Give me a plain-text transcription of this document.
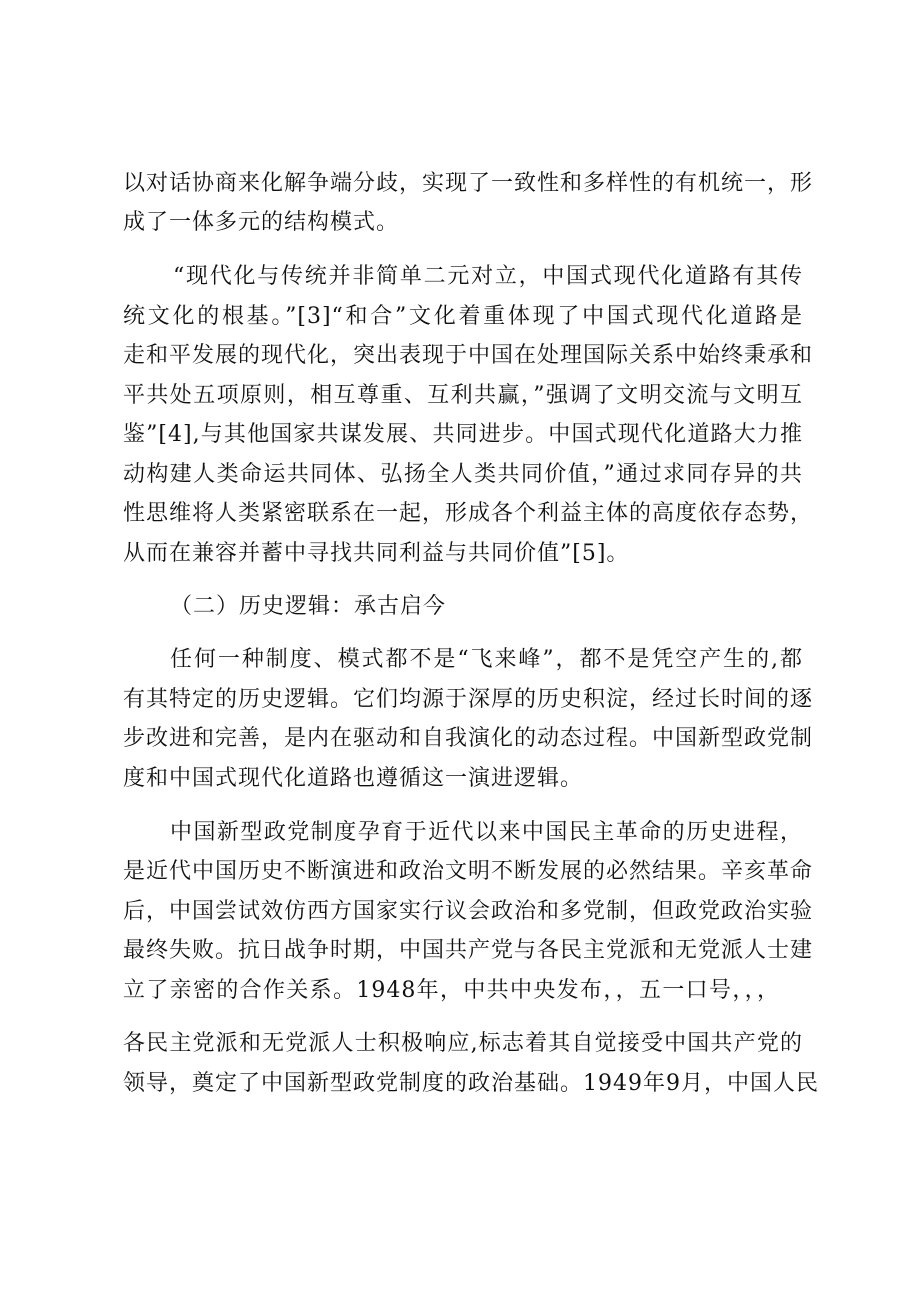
以对话协商来化解争端分歧，实现了一致性和多样性的有机统一，形
成了一体多元的结构模式。
“现代化与传统并非简单二元对立，中国式现代化道路有其传
统文化的根基。”[3]“和合”文化着重体现了中国式现代化道路是
走和平发展的现代化，突出表现于中国在处理国际关系中始终秉承和
平共处五项原则，相互尊重、互利共赢，”强调了文明交流与文明互
鉴”[4],与其他国家共谋发展、共同进步。中国式现代化道路大力推
动构建人类命运共同体、弘扬全人类共同价值，”通过求同存异的共
性思维将人类紧密联系在一起，形成各个利益主体的高度依存态势，
从而在兼容并蓄中寻找共同利益与共同价值”[5]。
（二）历史逻辑：承古启今
任何一种制度、模式都不是“飞来峰”，都不是凭空产生的,都
有其特定的历史逻辑。它们均源于深厚的历史积淀，经过长时间的逐
步改进和完善，是内在驱动和自我演化的动态过程。中国新型政党制
度和中国式现代化道路也遵循这一演进逻辑。
中国新型政党制度孕育于近代以来中国民主革命的历史进程，
是近代中国历史不断演进和政治文明不断发展的必然结果。辛亥革命
后，中国尝试效仿西方国家实行议会政治和多党制，但政党政治实验
最终失败。抗日战争时期，中国共产党与各民主党派和无党派人士建
立了亲密的合作关系。1948年，中共中央发布，，五一口号，，，
各民主党派和无党派人士积极响应,标志着其自觉接受中国共产党的
领导，奠定了中国新型政党制度的政治基础。1949年9月，中国人民
